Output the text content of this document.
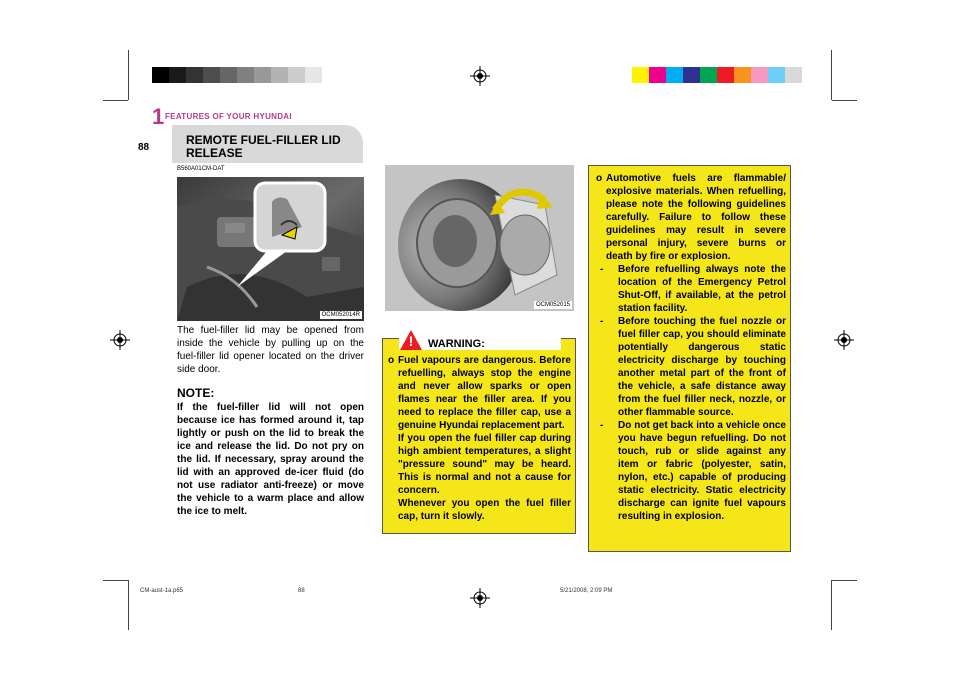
1 FEATURES OF YOUR HYUNDAI
88
REMOTE FUEL-FILLER LID
RELEASE
B560A01CM-DAT
OCM052014R
OCM052015
The fuel-filler lid may be opened from inside the vehicle by pulling up on the fuel-filler lid opener located on the driver side door.
NOTE:
If the fuel-filler lid will not open because ice has formed around it, tap lightly or push on the lid to break the ice and release the lid. Do not pry on the lid. If necessary, spray around the lid with an approved de-icer fluid (do not use radiator anti-freeze) or move the vehicle to a warm place and allow the ice to melt.
!	WARNING:
o Fuel vapours are dangerous. Before refuelling, always stop the engine and never allow sparks or open flames near the filler area. If you need to replace the filler cap, use a genuine Hyundai replacement part.
If you open the fuel filler cap during high ambient temperatures, a slight "pressure sound" may be heard. This is normal and not a cause for concern.
Whenever you open the fuel filler cap, turn it slowly.
o Automotive fuels are flammable/ explosive materials. When refuelling, please note the following guidelines carefully. Failure to follow these guidelines may result in severe personal injury, severe burns or death by fire or explosion.
- Before refuelling always note the location of the Emergency Petrol Shut-Off, if available, at the petrol station facility.
- Before touching the fuel nozzle or fuel filler cap, you should eliminate potentially dangerous static electricity discharge by touching another metal part of the front of the vehicle, a safe distance away from the fuel filler neck, nozzle, or other flammable source.
- Do not get back into a vehicle once you have begun refuelling. Do not touch, rub or slide against any item or fabric (polyester, satin, nylon, etc.) capable of producing static electricity. Static electricity discharge can ignite fuel vapours resulting in explosion.
CM-aust-1a.p65	88	5/21/2008, 2:09 PM
